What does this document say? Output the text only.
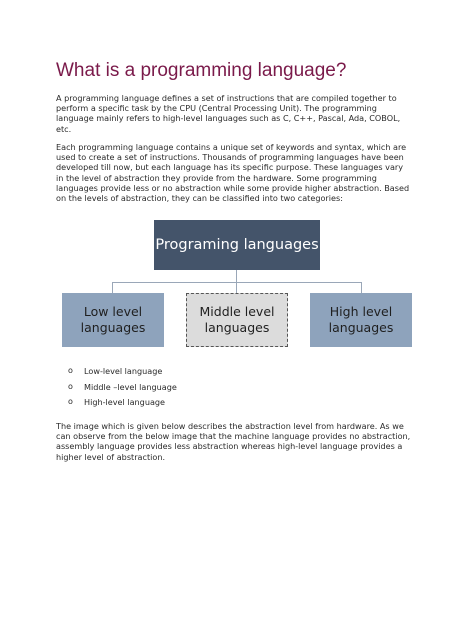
What is a programming language?
A programming language defines a set of instructions that are compiled together to perform a specific task by the CPU (Central Processing Unit). The programming language mainly refers to high-level languages such as C, C++, Pascal, Ada, COBOL, etc.
Each programming language contains a unique set of keywords and syntax, which are used to create a set of instructions. Thousands of programming languages have been developed till now, but each language has its specific purpose. These languages vary in the level of abstraction they provide from the hardware. Some programming languages provide less or no abstraction while some provide higher abstraction. Based on the levels of abstraction, they can be classified into two categories:
Programing languages
Low level
languages
Middle level
languages
High level
languages
o Low-level language
o Middle –level language
o High-level language
The image which is given below describes the abstraction level from hardware. As we can observe from the below image that the machine language provides no abstraction, assembly language provides less abstraction whereas high-level language provides a higher level of abstraction.
